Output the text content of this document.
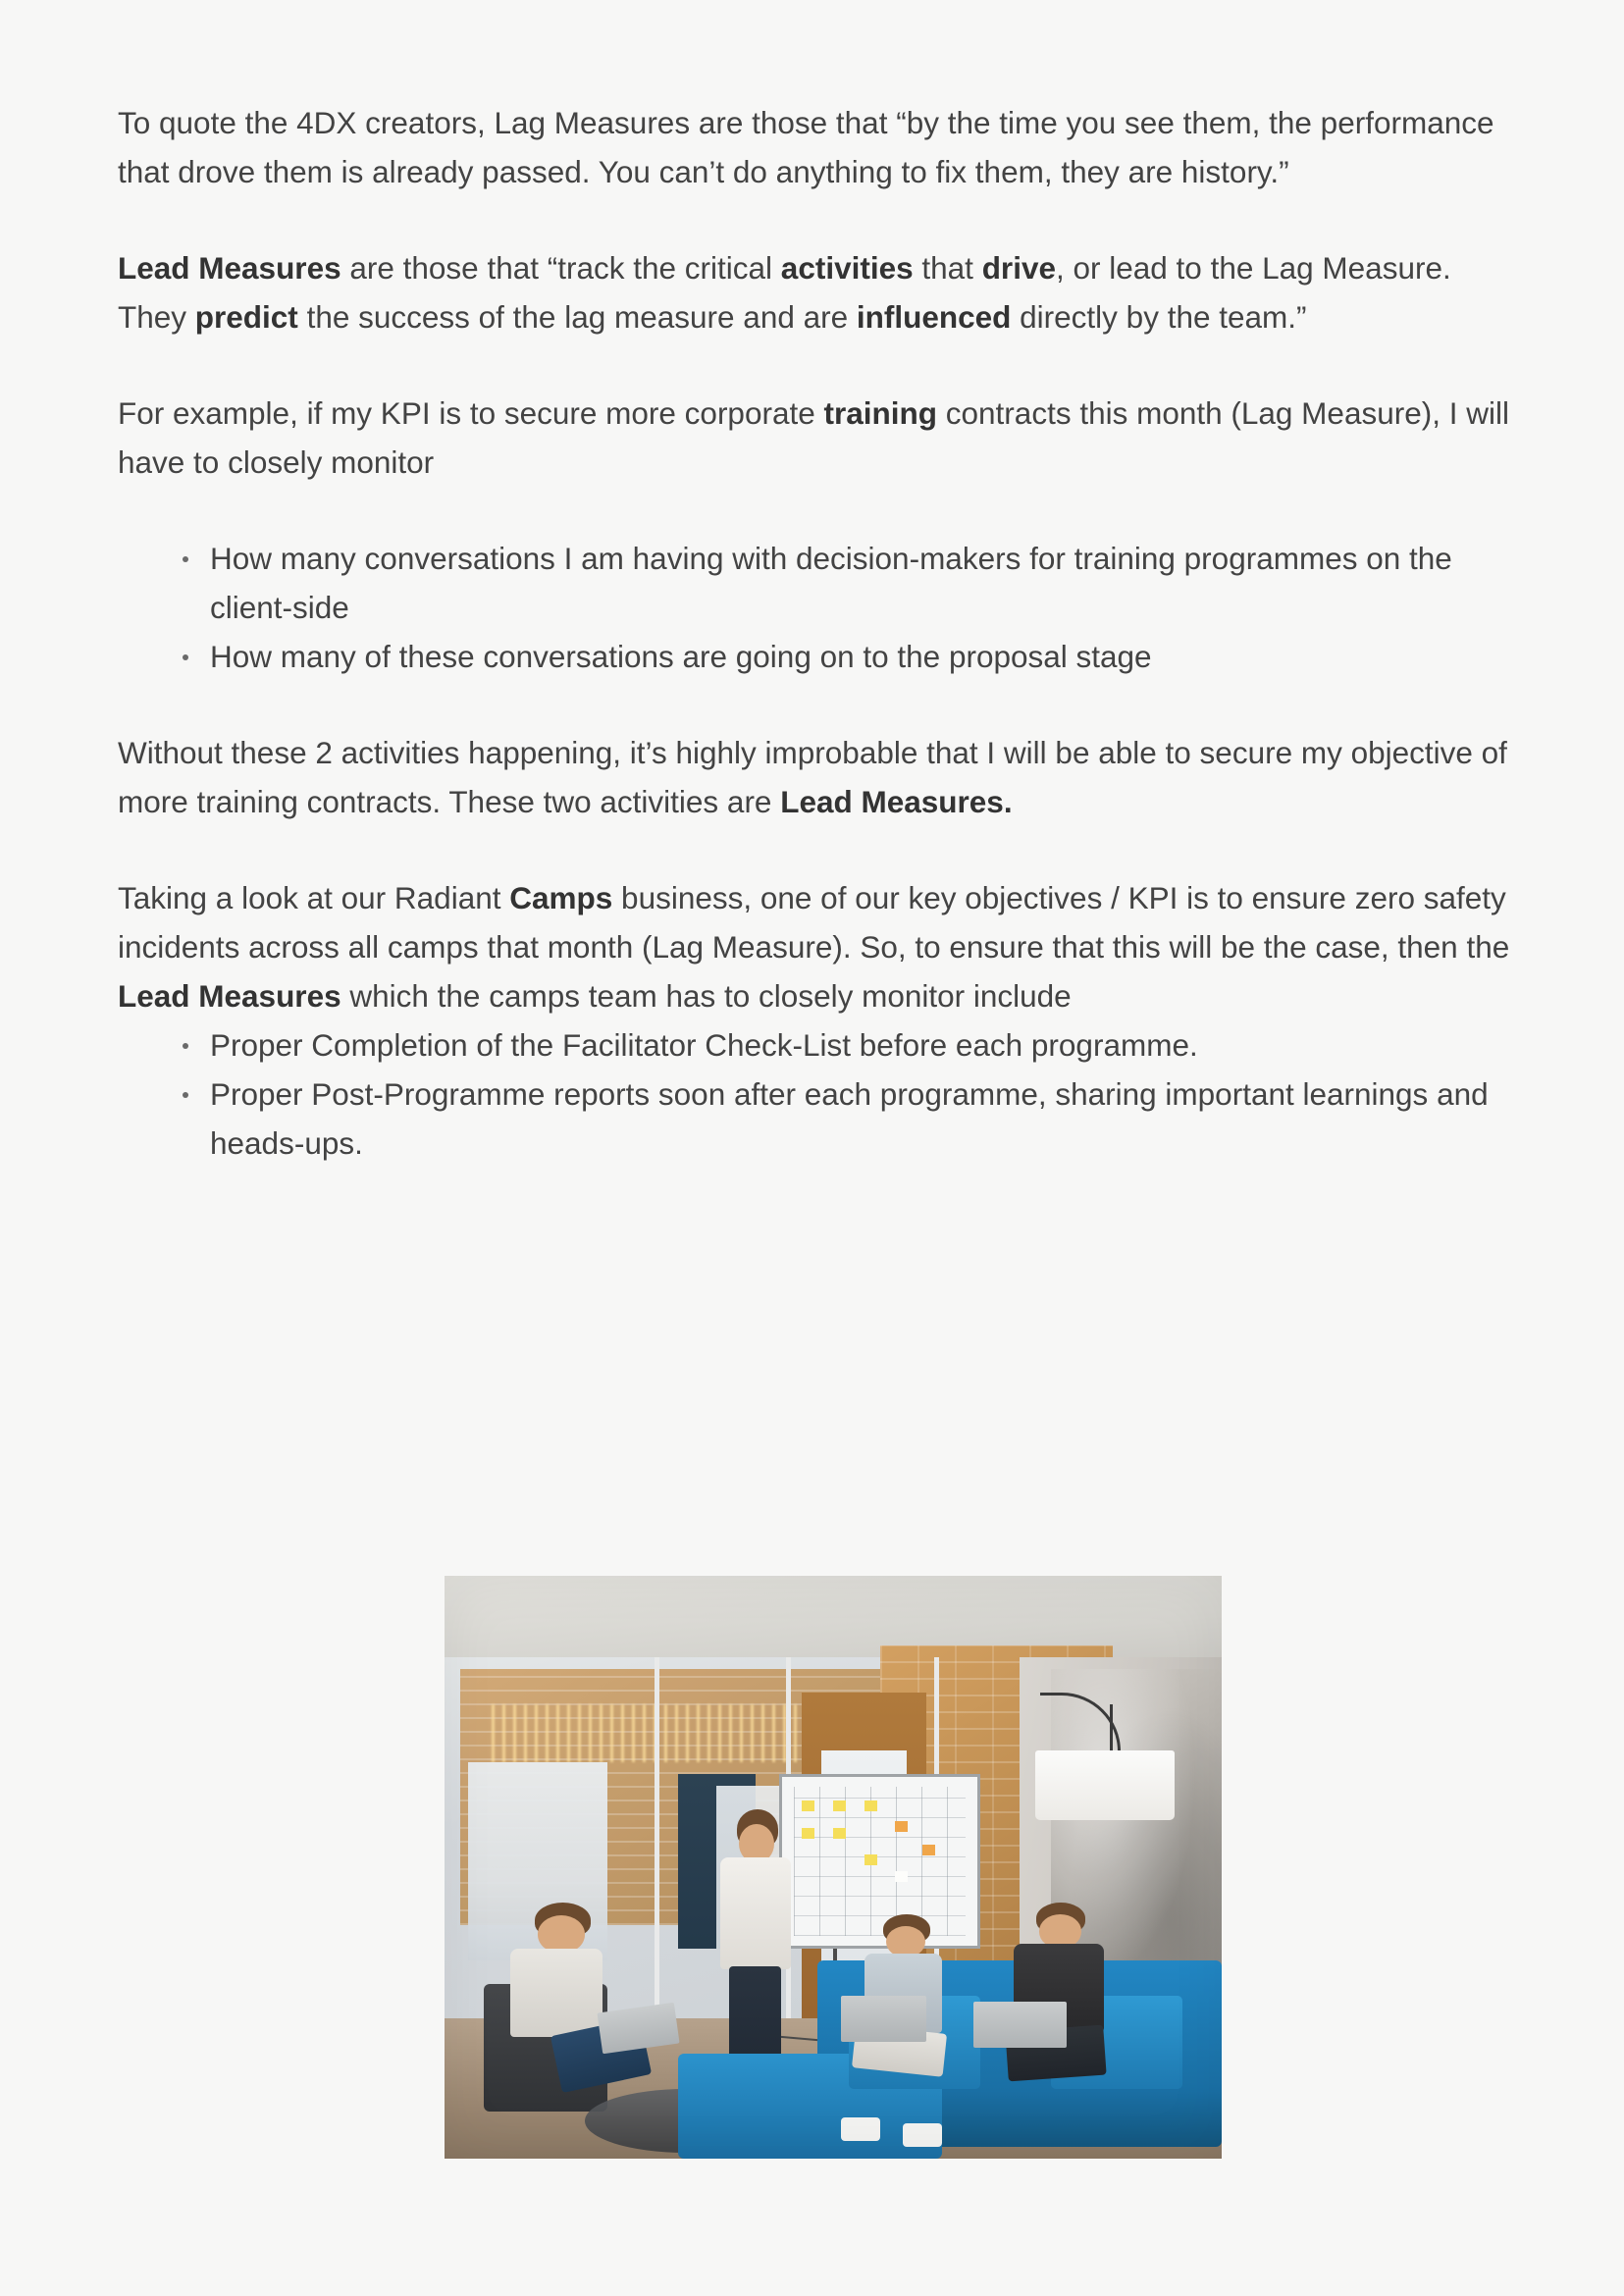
To quote the 4DX creators, Lag Measures are those that “by the time you see them, the performance that drove them is already passed. You can’t do anything to fix them, they are history.”

Lead Measures are those that “track the critical activities that drive, or lead to the Lag Measure. They predict the success of the lag measure and are influenced directly by the team.”

For example, if my KPI is to secure more corporate training contracts this month (Lag Measure), I will have to closely monitor

How many conversations I am having with decision-makers for training programmes on the client-side
How many of these conversations are going on to the proposal stage

Without these 2 activities happening, it’s highly improbable that I will be able to secure my objective of more training contracts. These two activities are Lead Measures.

Taking a look at our Radiant Camps business, one of our key objectives / KPI is to ensure zero safety incidents across all camps that month (Lag Measure). So, to ensure that this will be the case, then the Lead Measures which the camps team has to closely monitor include

Proper Completion of the Facilitator Check-List before each programme.
Proper Post-Programme reports soon after each programme, sharing important learnings and heads-ups.
